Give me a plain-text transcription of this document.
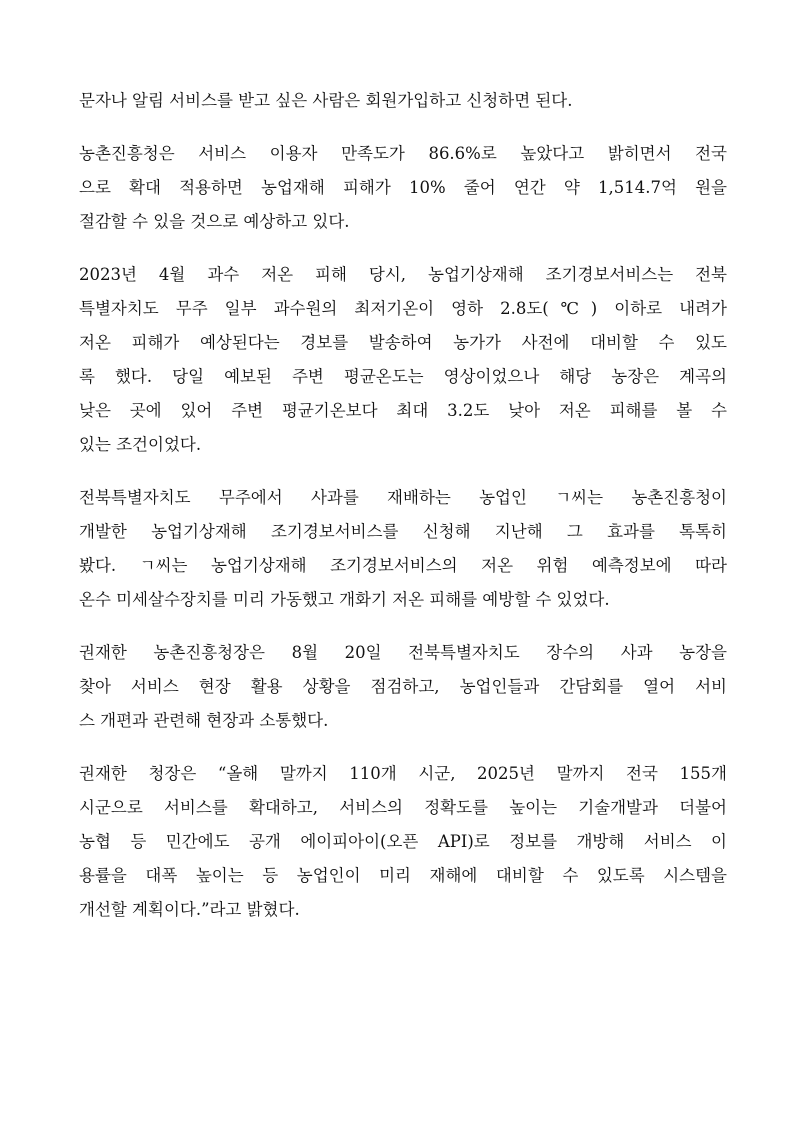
문자나 알림 서비스를 받고 싶은 사람은 회원가입하고 신청하면 된다.

농촌진흥청은 서비스 이용자 만족도가 86.6%로 높았다고 밝히면서 전국
으로 확대 적용하면 농업재해 피해가 10% 줄어 연간 약 1,514.7억 원을
절감할 수 있을 것으로 예상하고 있다.

2023년 4월 과수 저온 피해 당시, 농업기상재해 조기경보서비스는 전북
특별자치도 무주 일부 과수원의 최저기온이 영하 2.8도(℃) 이하로 내려가
저온 피해가 예상된다는 경보를 발송하여 농가가 사전에 대비할 수 있도
록 했다. 당일 예보된 주변 평균온도는 영상이었으나 해당 농장은 계곡의
낮은 곳에 있어 주변 평균기온보다 최대 3.2도 낮아 저온 피해를 볼 수
있는 조건이었다.

전북특별자치도 무주에서 사과를 재배하는 농업인 ㄱ씨는 농촌진흥청이
개발한 농업기상재해 조기경보서비스를 신청해 지난해 그 효과를 톡톡히
봤다. ㄱ씨는 농업기상재해 조기경보서비스의 저온 위험 예측정보에 따라
온수 미세살수장치를 미리 가동했고 개화기 저온 피해를 예방할 수 있었다.

권재한 농촌진흥청장은 8월 20일 전북특별자치도 장수의 사과 농장을
찾아 서비스 현장 활용 상황을 점검하고, 농업인들과 간담회를 열어 서비
스 개편과 관련해 현장과 소통했다.

권재한 청장은 “올해 말까지 110개 시군, 2025년 말까지 전국 155개
시군으로 서비스를 확대하고, 서비스의 정확도를 높이는 기술개발과 더불어
농협 등 민간에도 공개 에이피아이(오픈 API)로 정보를 개방해 서비스 이
용률을 대폭 높이는 등 농업인이 미리 재해에 대비할 수 있도록 시스템을
개선할 계획이다.”라고 밝혔다.
